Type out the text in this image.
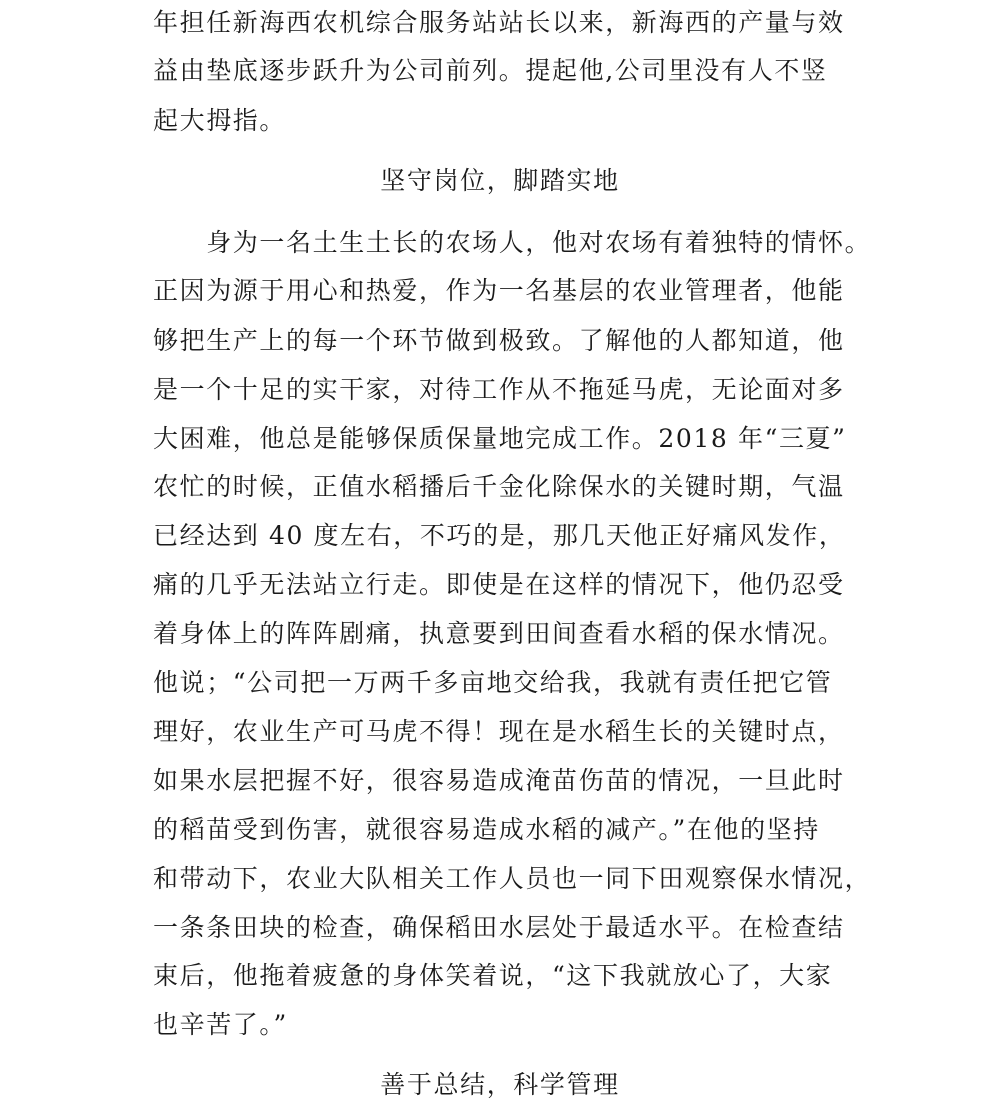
年担任新海西农机综合服务站站长以来，新海西的产量与效
益由垫底逐步跃升为公司前列。提起他,公司里没有人不竖
起大拇指。
坚守岗位，脚踏实地
　　身为一名土生土长的农场人，他对农场有着独特的情怀。
正因为源于用心和热爱，作为一名基层的农业管理者，他能
够把生产上的每一个环节做到极致。了解他的人都知道，他
是一个十足的实干家，对待工作从不拖延马虎，无论面对多
大困难，他总是能够保质保量地完成工作。2018 年“三夏”
农忙的时候，正值水稻播后千金化除保水的关键时期，气温
已经达到 40 度左右，不巧的是，那几天他正好痛风发作，
痛的几乎无法站立行走。即使是在这样的情况下，他仍忍受
着身体上的阵阵剧痛，执意要到田间查看水稻的保水情况。
他说；“公司把一万两千多亩地交给我，我就有责任把它管
理好，农业生产可马虎不得！现在是水稻生长的关键时点，
如果水层把握不好，很容易造成淹苗伤苗的情况，一旦此时
的稻苗受到伤害，就很容易造成水稻的减产。”在他的坚持
和带动下，农业大队相关工作人员也一同下田观察保水情况，
一条条田块的检查，确保稻田水层处于最适水平。在检查结
束后，他拖着疲惫的身体笑着说，“这下我就放心了，大家
也辛苦了。”
善于总结，科学管理
